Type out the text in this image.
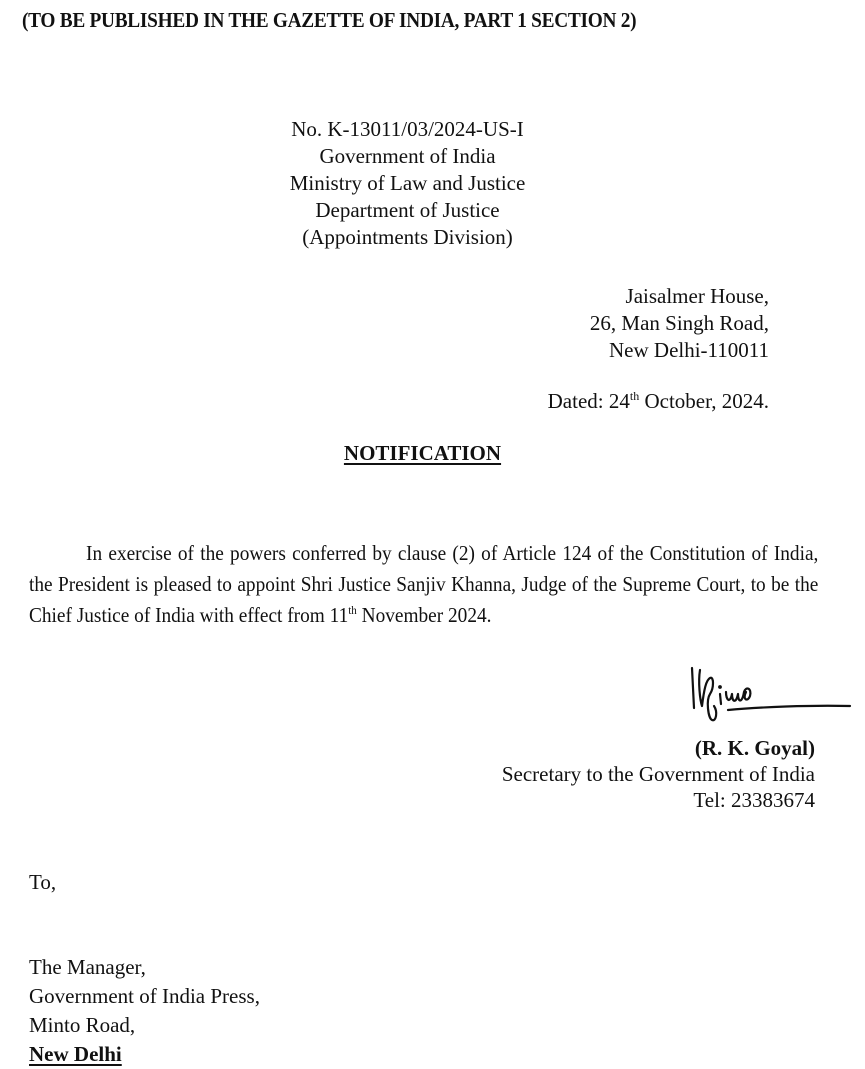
(TO BE PUBLISHED IN THE GAZETTE OF INDIA, PART 1 SECTION 2)
No. K-13011/03/2024-US-I
Government of India
Ministry of Law and Justice
Department of Justice
(Appointments Division)
Jaisalmer House,
26, Man Singh Road,
New Delhi-110011
Dated: 24th October, 2024.
NOTIFICATION
In exercise of the powers conferred by clause (2) of Article 124 of the Constitution of India, the President is pleased to appoint Shri Justice Sanjiv Khanna, Judge of the Supreme Court, to be the Chief Justice of India with effect from 11th November 2024.
(R. K. Goyal)
Secretary to the Government of India
Tel: 23383674
To,
The Manager,
Government of India Press,
Minto Road,
New Delhi
